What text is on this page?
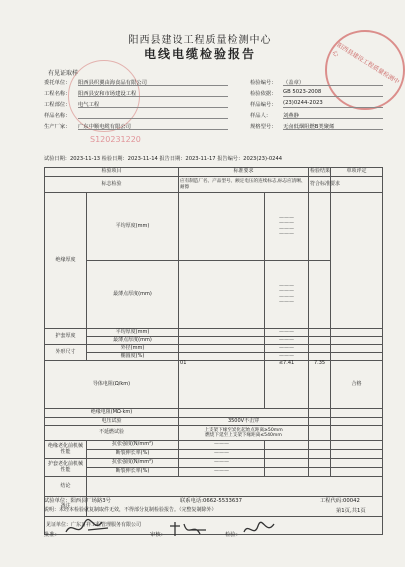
阳西县建设工程质量检测中心
电线电缆检验报告	阳西县建设工程质量检测中心
有见证取样
S120231220
委托单位： 阳西县织翼由海食品有限公司
工程名称： 阳西县安和市场建设工程
工程部位： 电气工程
样品名称：
生产厂家： 广东中顺电缆有限公司
检验编号： （盖章）
检验依据： GB 5023-2008
样品编号： (23)0244-2023
样品人： 刘燕静
规格型号： 无卤低烟阻燃B类聚烯
试验日期：2023-11-13 检验日期：2023-11-14 报告日期：2023-11-17 报告编号：2023(23)-0244
检验项目		标准要求		检验结果	单项评定
标志检验		应有制造厂名、产品型号、额定电压的连续标志,标志应清晰、耐擦		符合标准要求	
绝缘厚度	平均厚度(mm)		———
———
———
———		
	最薄点厚度(mm)		———
———
———
———		
护套厚度	平均厚度(mm)		———		
	最薄点厚度(mm)		———		
外形尺寸	外径(mm)		———		
	椭圆度(%)		———		
导体电阻(Ω/km)		01	≤7.41	7.35	合格
绝缘电阻(MΩ·km)					
电压试验		3500V不击穿			
不延燃试验		上支架下缘至炭化起始点距离≥50mm
燃烧下延至上支架下缘距离≤540mm			
绝缘老化前机械性能	抗张强度(N/mm²)	———			
	断裂伸长率(%)	———			
护套老化前机械性能	抗张强度(N/mm²)	———			
	断裂伸长率(%)	———			
结论					
备注					
见证单位：广东万祥工程管理服务有限公司					
试验单位：阳西县厂场路3号	联系电话:0662-5533637	工程代码:00042
说明：未经本检验就复制取件无效，不得部分复制检验报告。（完整复制除外）	第1页,共1页
批准：	审核：	检验：
